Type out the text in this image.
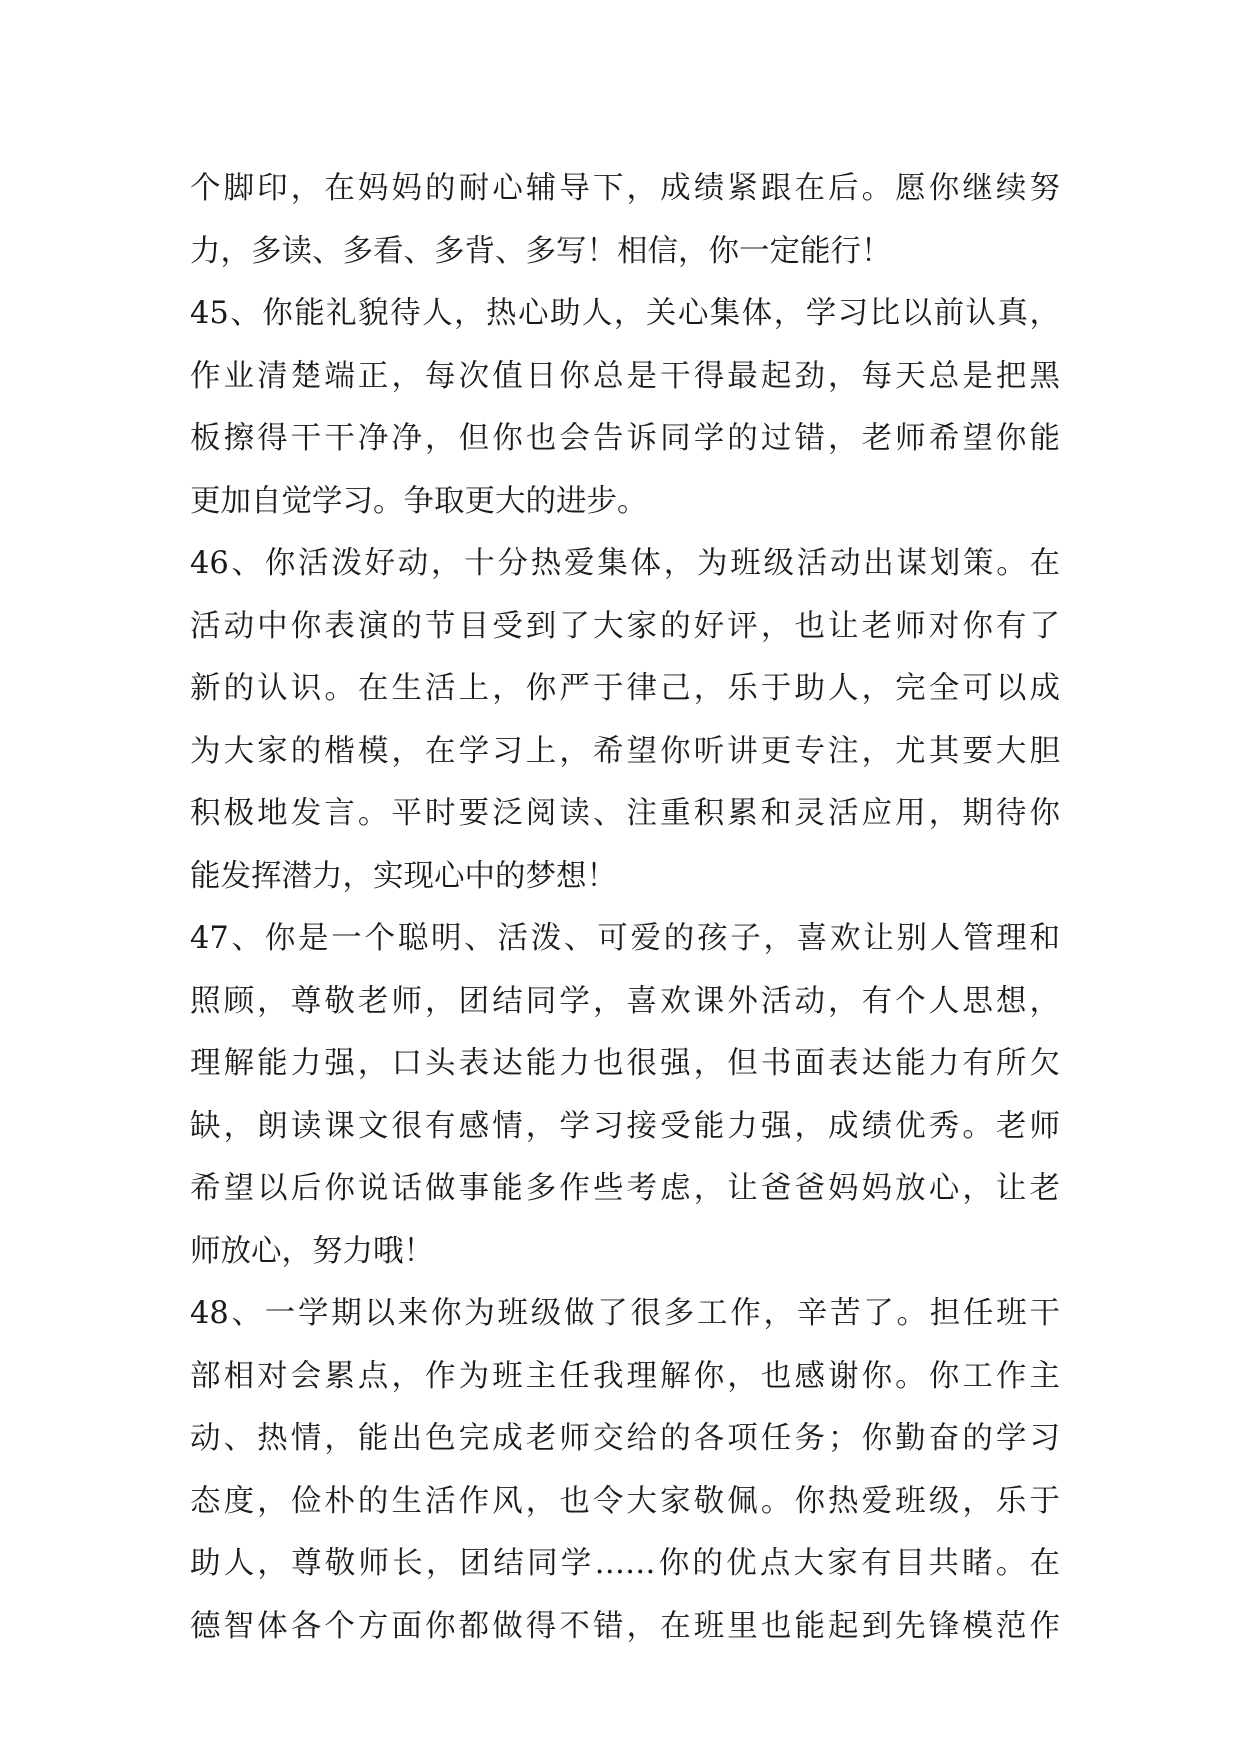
个脚印，在妈妈的耐心辅导下，成绩紧跟在后。愿你继续努
力，多读、多看、多背、多写！相信，你一定能行！
45、你能礼貌待人，热心助人，关心集体，学习比以前认真，
作业清楚端正，每次值日你总是干得最起劲，每天总是把黑
板擦得干干净净，但你也会告诉同学的过错，老师希望你能
更加自觉学习。争取更大的进步。
46、你活泼好动，十分热爱集体，为班级活动出谋划策。在
活动中你表演的节目受到了大家的好评，也让老师对你有了
新的认识。在生活上，你严于律己，乐于助人，完全可以成
为大家的楷模，在学习上，希望你听讲更专注，尤其要大胆
积极地发言。平时要泛阅读、注重积累和灵活应用，期待你
能发挥潜力，实现心中的梦想！
47、你是一个聪明、活泼、可爱的孩子，喜欢让别人管理和
照顾，尊敬老师，团结同学，喜欢课外活动，有个人思想，
理解能力强，口头表达能力也很强，但书面表达能力有所欠
缺，朗读课文很有感情，学习接受能力强，成绩优秀。老师
希望以后你说话做事能多作些考虑，让爸爸妈妈放心，让老
师放心，努力哦！
48、一学期以来你为班级做了很多工作，辛苦了。担任班干
部相对会累点，作为班主任我理解你，也感谢你。你工作主
动、热情，能出色完成老师交给的各项任务；你勤奋的学习
态度，俭朴的生活作风，也令大家敬佩。你热爱班级，乐于
助人，尊敬师长，团结同学……你的优点大家有目共睹。在
德智体各个方面你都做得不错，在班里也能起到先锋模范作
